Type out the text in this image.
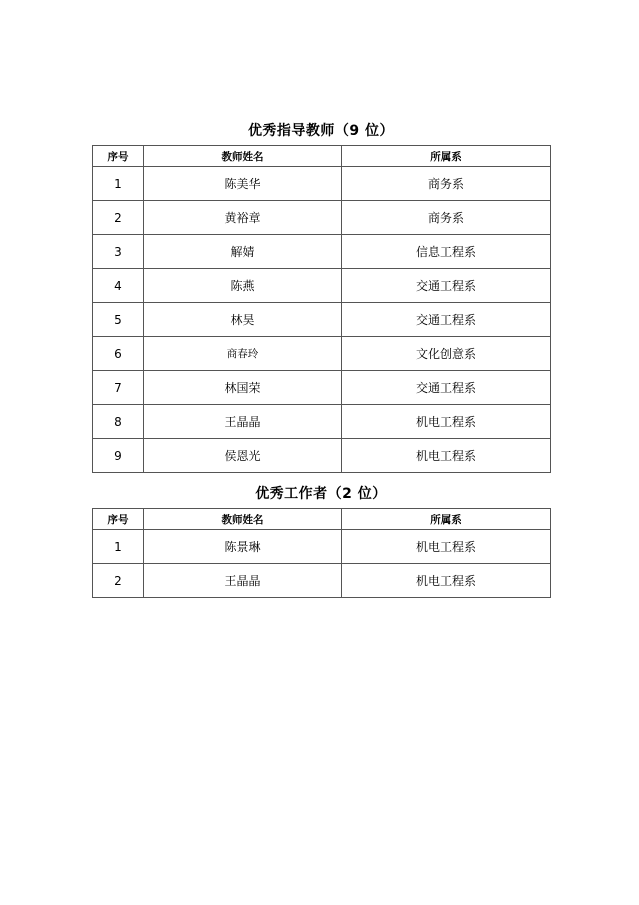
优秀指导教师（9 位）
序号	教师姓名	所属系
1	陈美华	商务系
2	黄裕章	商务系
3	解婧	信息工程系
4	陈燕	交通工程系
5	林昊	交通工程系
6	商春玲	文化创意系
7	林国荣	交通工程系
8	王晶晶	机电工程系
9	侯恩光	机电工程系
优秀工作者（2 位）
序号	教师姓名	所属系
1	陈景琳	机电工程系
2	王晶晶	机电工程系
